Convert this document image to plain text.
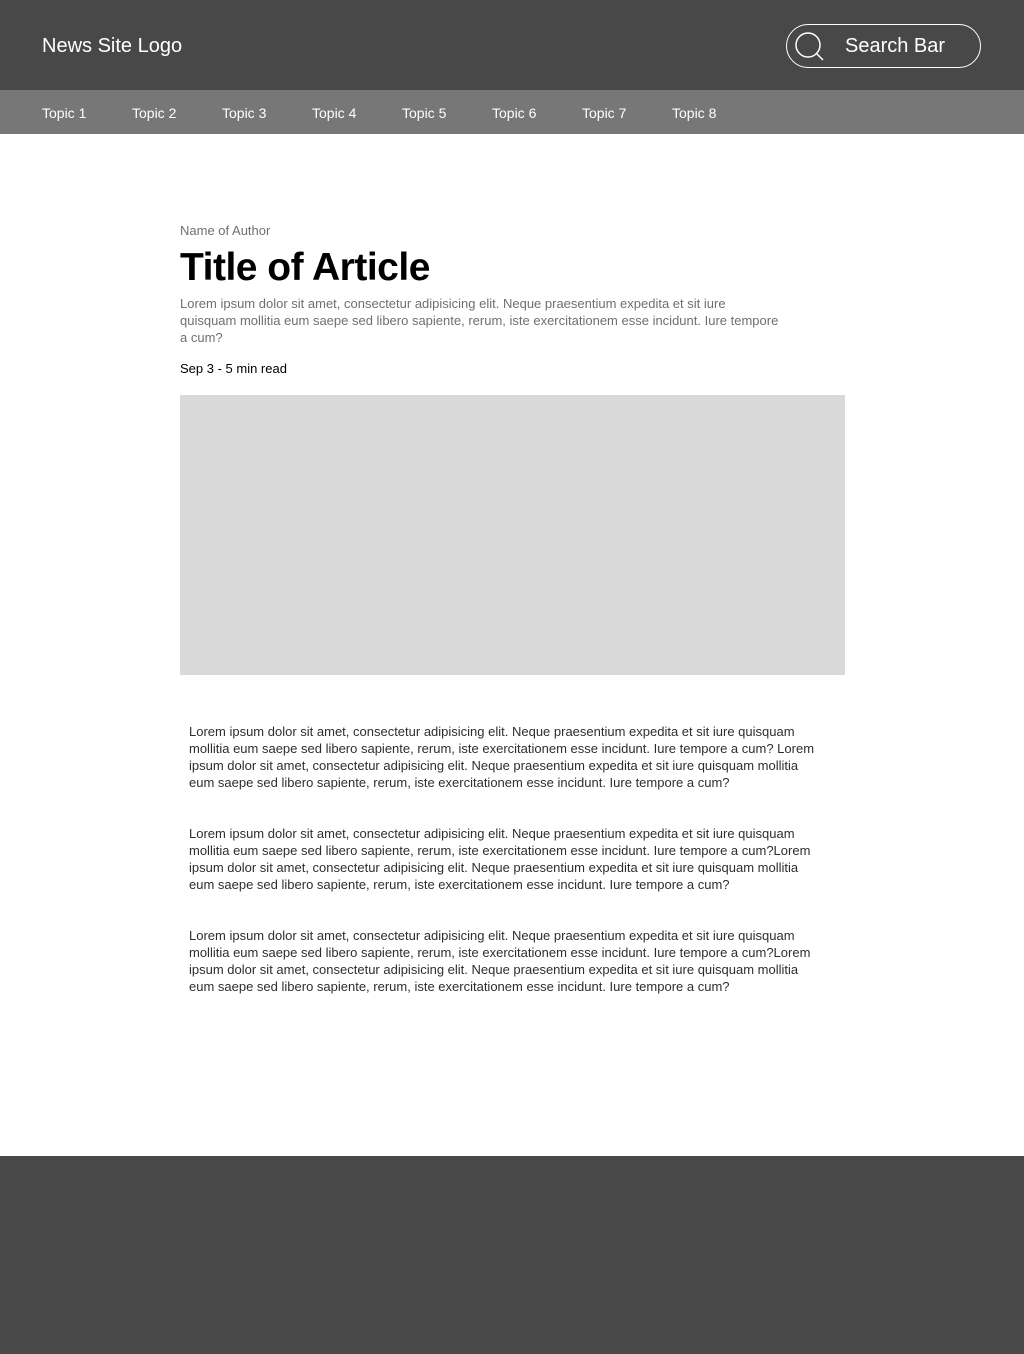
News Site Logo	Search Bar
Topic 1	Topic 2	Topic 3	Topic 4	Topic 5	Topic 6	Topic 7	Topic 8
Name of Author
Title of Article

Lorem ipsum dolor sit amet, consectetur adipisicing elit. Neque praesentium expedita et sit iure quisquam mollitia eum saepe sed libero sapiente, rerum, iste exercitationem esse incidunt. Iure tempore a cum?

Sep 3 - 5 min read

Lorem ipsum dolor sit amet, consectetur adipisicing elit. Neque praesentium expedita et sit iure quisquam mollitia eum saepe sed libero sapiente, rerum, iste exercitationem esse incidunt. Iure tempore a cum? Lorem ipsum dolor sit amet, consectetur adipisicing elit. Neque praesentium expedita et sit iure quisquam mollitia eum saepe sed libero sapiente, rerum, iste exercitationem esse incidunt. Iure tempore a cum?

Lorem ipsum dolor sit amet, consectetur adipisicing elit. Neque praesentium expedita et sit iure quisquam mollitia eum saepe sed libero sapiente, rerum, iste exercitationem esse incidunt. Iure tempore a cum?Lorem ipsum dolor sit amet, consectetur adipisicing elit. Neque praesentium expedita et sit iure quisquam mollitia eum saepe sed libero sapiente, rerum, iste exercitationem esse incidunt. Iure tempore a cum?

Lorem ipsum dolor sit amet, consectetur adipisicing elit. Neque praesentium expedita et sit iure quisquam mollitia eum saepe sed libero sapiente, rerum, iste exercitationem esse incidunt. Iure tempore a cum?Lorem ipsum dolor sit amet, consectetur adipisicing elit. Neque praesentium expedita et sit iure quisquam mollitia eum saepe sed libero sapiente, rerum, iste exercitationem esse incidunt. Iure tempore a cum?
